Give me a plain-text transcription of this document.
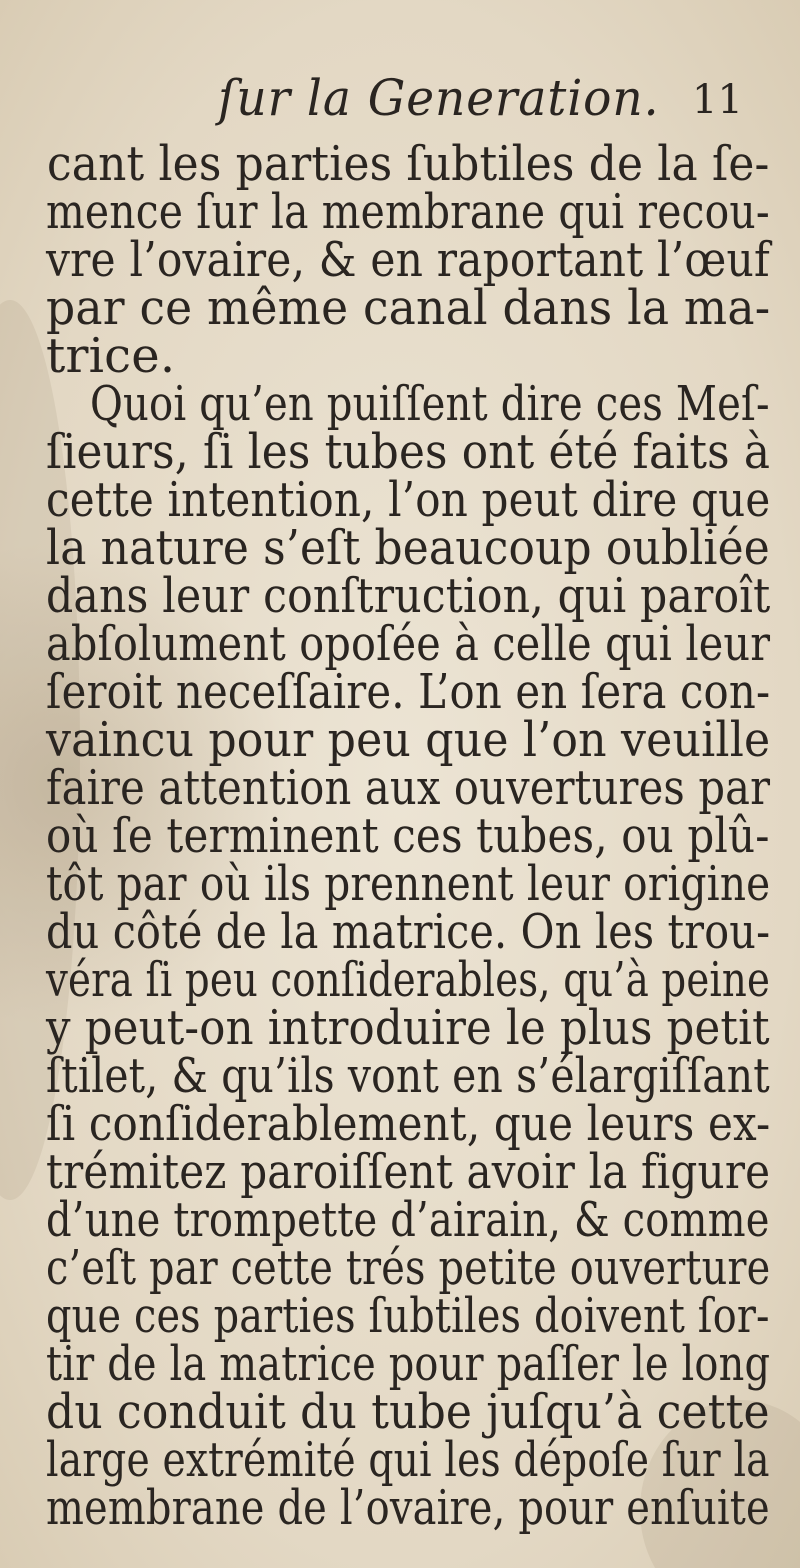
ſur la Generation. 11
cant les parties ſubtiles de la ſe-
mence ſur la membrane qui recou-
vre l’ovaire, & en raportant l’œuf
par ce même canal dans la ma-
trice.
Quoi qu’en puiſſent dire ces Meſ-
ſieurs, ſi les tubes ont été faits à
cette intention, l’on peut dire que
la nature s’eſt beaucoup oubliée
dans leur conſtruction, qui paroît
abſolument opoſée à celle qui leur
ſeroit neceſſaire. L’on en ſera con-
vaincu pour peu que l’on veuille
faire attention aux ouvertures par
où ſe terminent ces tubes, ou plû-
tôt par où ils prennent leur origine
du côté de la matrice. On les trou-
véra ſi peu conſiderables, qu’à peine
y peut-on introduire le plus petit
ſtilet, & qu’ils vont en s’élargiſſant
ſi conſiderablement, que leurs ex-
trémitez paroiſſent avoir la figure
d’une trompette d’airain, & comme
c’eſt par cette trés petite ouverture
que ces parties ſubtiles doivent ſor-
tir de la matrice pour paſſer le long
du conduit du tube juſqu’à cette
large extrémité qui les dépoſe ſur la
membrane de l’ovaire, pour enſuite
